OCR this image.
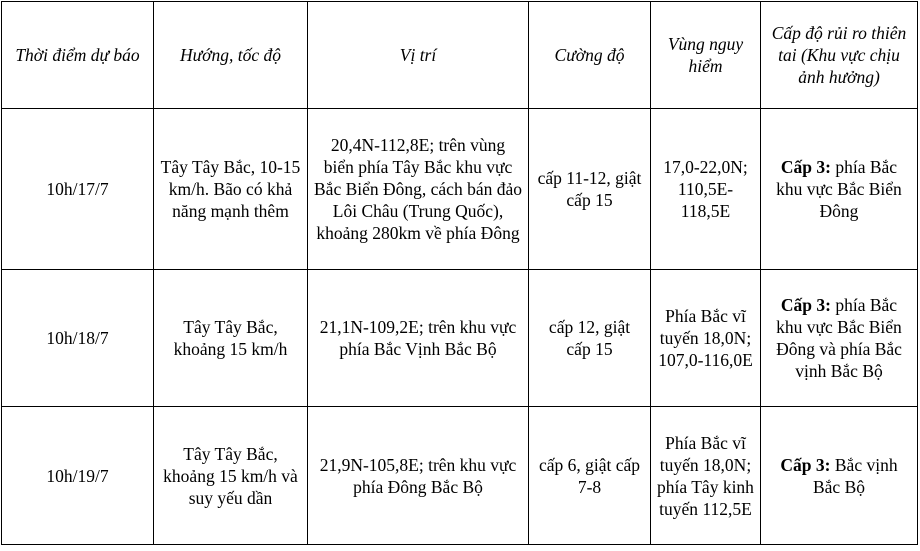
Thời điểm dự báo	Hướng, tốc độ	Vị trí	Cường độ	Vùng nguy hiểm	Cấp độ rủi ro thiên tai (Khu vực chịu ảnh hưởng)
10h/17/7	Tây Tây Bắc, 10-15 km/h. Bão có khả năng mạnh thêm	20,4N-112,8E; trên vùng biển phía Tây Bắc khu vực Bắc Biển Đông, cách bán đảo Lôi Châu (Trung Quốc), khoảng 280km về phía Đông	cấp 11-12, giật cấp 15	17,0-22,0N; 110,5E-118,5E	Cấp 3: phía Bắc khu vực Bắc Biển Đông
10h/18/7	Tây Tây Bắc, khoảng 15 km/h	21,1N-109,2E; trên khu vực phía Bắc Vịnh Bắc Bộ	cấp 12, giật cấp 15	Phía Bắc vĩ tuyến 18,0N; 107,0-116,0E	Cấp 3: phía Bắc khu vực Bắc Biển Đông và phía Bắc vịnh Bắc Bộ
10h/19/7	Tây Tây Bắc, khoảng 15 km/h và suy yếu dần	21,9N-105,8E; trên khu vực phía Đông Bắc Bộ	cấp 6, giật cấp 7-8	Phía Bắc vĩ tuyến 18,0N; phía Tây kinh tuyến 112,5E	Cấp 3: Bắc vịnh Bắc Bộ
